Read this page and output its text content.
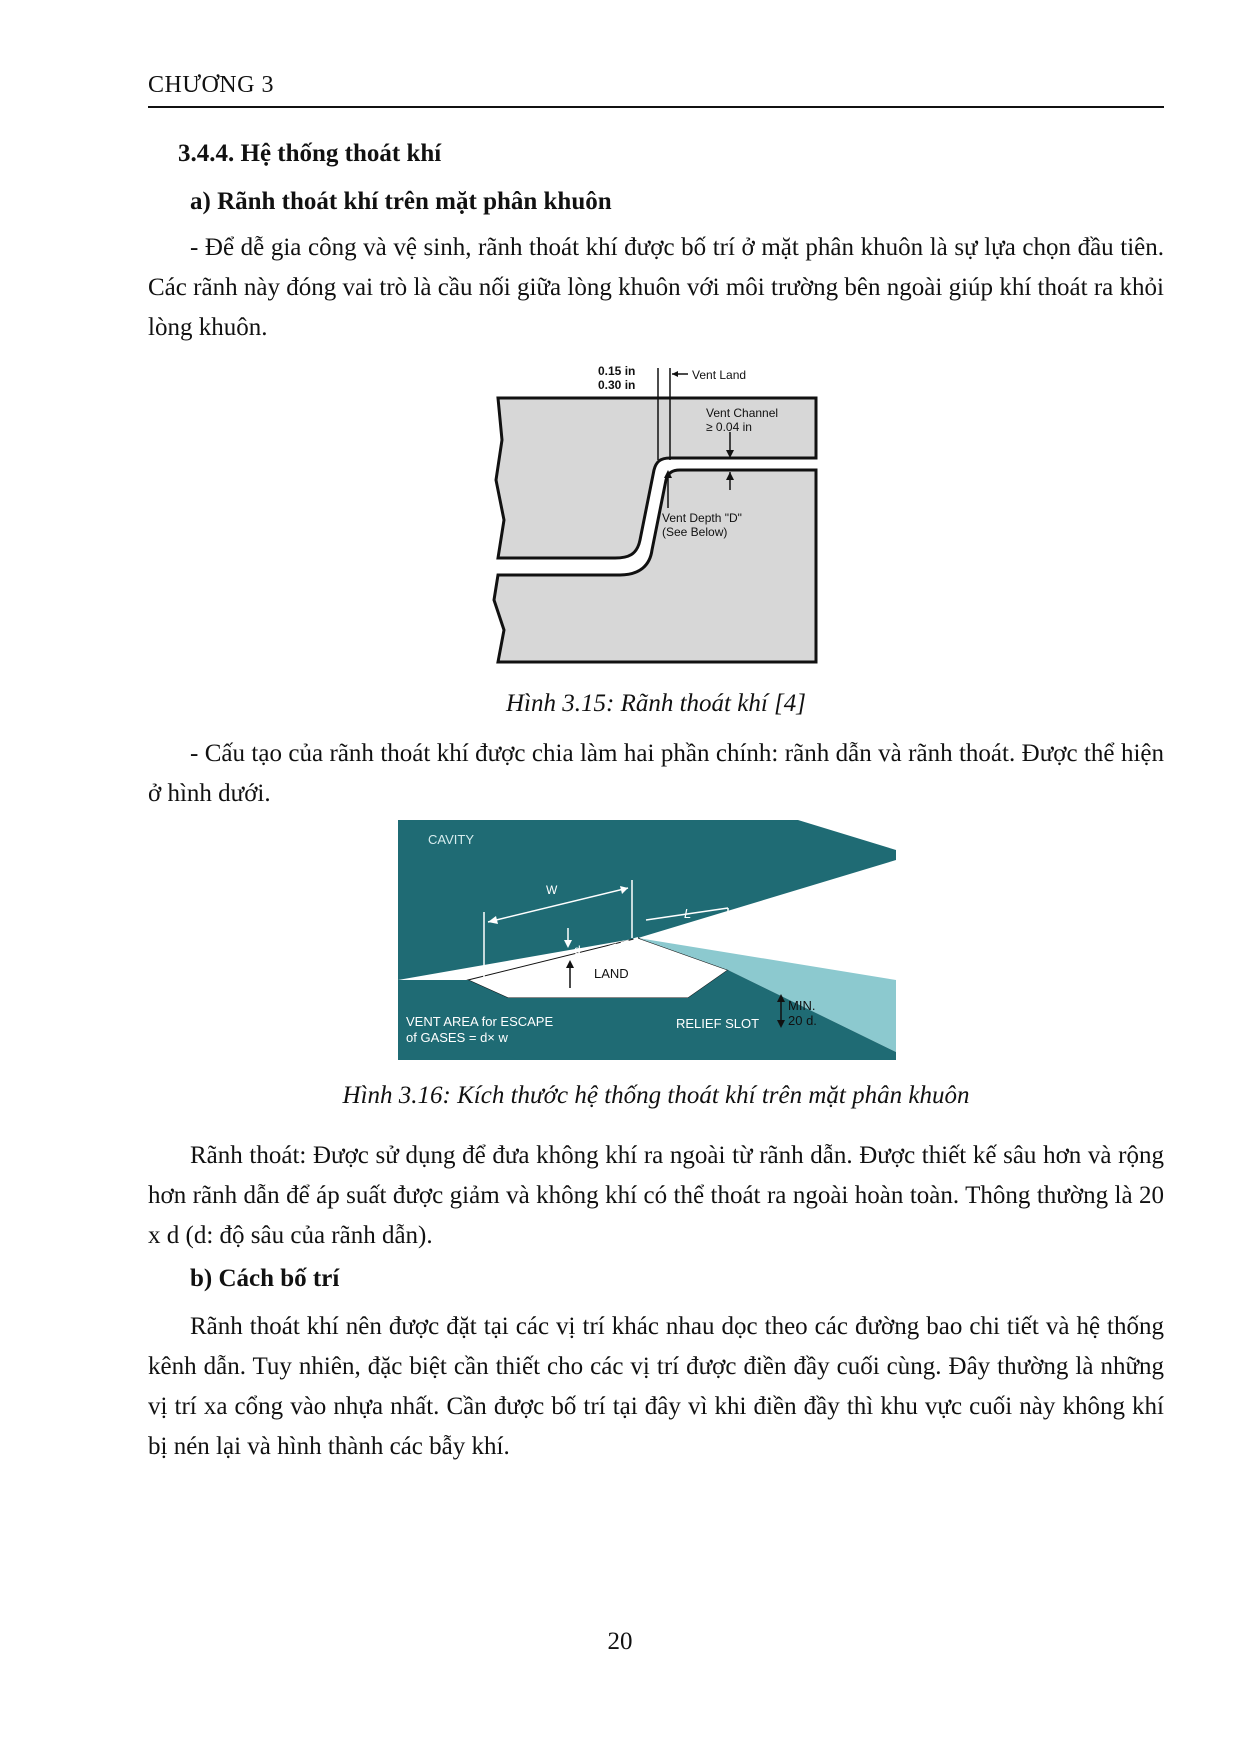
CHƯƠNG 3
3.4.4. Hệ thống thoát khí
a) Rãnh thoát khí trên mặt phân khuôn

- Để dễ gia công và vệ sinh, rãnh thoát khí được bố trí ở mặt phân khuôn là sự lựa chọn đầu tiên. Các rãnh này đóng vai trò là cầu nối giữa lòng khuôn với môi trường bên ngoài giúp khí thoát ra khỏi lòng khuôn.

0.15 in
0.30 in
Vent Land
Vent Channel
≥ 0.04 in
Vent Depth "D"
(See Below)
Hình 3.15: Rãnh thoát khí [4]

- Cấu tạo của rãnh thoát khí được chia làm hai phần chính: rãnh dẫn và rãnh thoát. Được thể hiện ở hình dưới.

CAVITY
W
L
d
LAND
VENT AREA for ESCAPE
of GASES = d× w
RELIEF SLOT
MIN.
20 d.
Hình 3.16: Kích thước hệ thống thoát khí trên mặt phân khuôn

Rãnh thoát: Được sử dụng để đưa không khí ra ngoài từ rãnh dẫn. Được thiết kế sâu hơn và rộng hơn rãnh dẫn để áp suất được giảm và không khí có thể thoát ra ngoài hoàn toàn. Thông thường là 20 x d (d: độ sâu của rãnh dẫn).

b) Cách bố trí

Rãnh thoát khí nên được đặt tại các vị trí khác nhau dọc theo các đường bao chi tiết và hệ thống kênh dẫn. Tuy nhiên, đặc biệt cần thiết cho các vị trí được điền đầy cuối cùng. Đây thường là những vị trí xa cổng vào nhựa nhất. Cần được bố trí tại đây vì khi điền đầy thì khu vực cuối này không khí bị nén lại và hình thành các bẫy khí.

20
